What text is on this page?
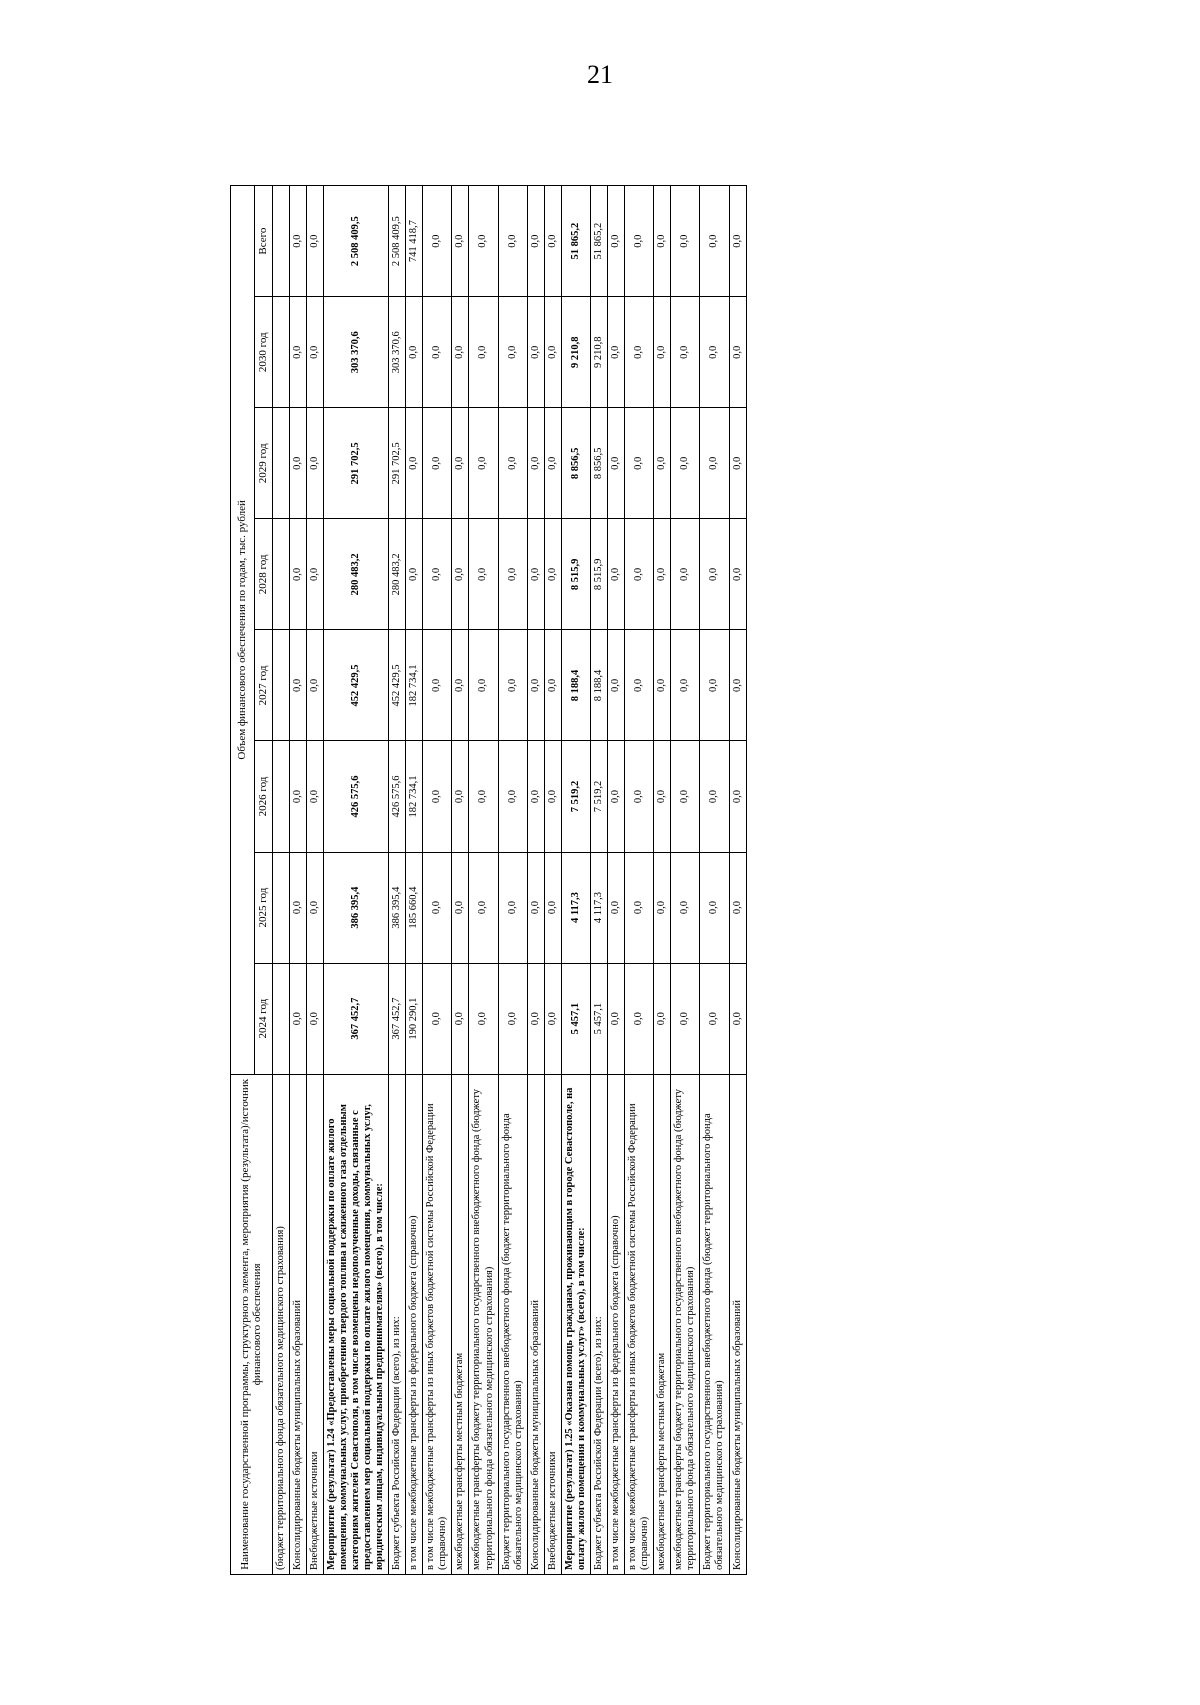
21
Наименование государственной программы, структурного элемента, мероприятия (результата)/источник финансового обеспечения	Объем финансового обеспечения по годам, тыс. рублей							
	2024 год	2025 год	2026 год	2027 год	2028 год	2029 год	2030 год	Всего
(бюджет территориального фонда обязательного медицинского страхования)								
Консолидированные бюджеты муниципальных образований	0,0	0,0	0,0	0,0	0,0	0,0	0,0	0,0
Внебюджетные источники	0,0	0,0	0,0	0,0	0,0	0,0	0,0	0,0
Мероприятие (результат) 1.24 «Предоставлены меры социальной поддержки по оплате жилого помещения, коммунальных услуг, приобретению твердого топлива и сжиженного газа отдельным категориям жителей Севастополя, в том числе возмещены недополученные доходы, связанные с предоставлением мер социальной поддержки по оплате жилого помещения, коммунальных услуг, юридическим лицам, индивидуальным предпринимателям» (всего), в том числе:	367 452,7	386 395,4	426 575,6	452 429,5	280 483,2	291 702,5	303 370,6	2 508 409,5
Бюджет субъекта Российской Федерации (всего), из них:	367 452,7	386 395,4	426 575,6	452 429,5	280 483,2	291 702,5	303 370,6	2 508 409,5
в том числе межбюджетные трансферты из федерального бюджета (справочно)	190 290,1	185 660,4	182 734,1	182 734,1	0,0	0,0	0,0	741 418,7
в том числе межбюджетные трансферты из иных бюджетов бюджетной системы Российской Федерации (справочно)	0,0	0,0	0,0	0,0	0,0	0,0	0,0	0,0
межбюджетные трансферты местным бюджетам	0,0	0,0	0,0	0,0	0,0	0,0	0,0	0,0
межбюджетные трансферты бюджету территориального государственного внебюджетного фонда (бюджету территориального фонда обязательного медицинского страхования)	0,0	0,0	0,0	0,0	0,0	0,0	0,0	0,0
Бюджет территориального государственного внебюджетного фонда (бюджет территориального фонда обязательного медицинского страхования)	0,0	0,0	0,0	0,0	0,0	0,0	0,0	0,0
Консолидированные бюджеты муниципальных образований	0,0	0,0	0,0	0,0	0,0	0,0	0,0	0,0
Внебюджетные источники	0,0	0,0	0,0	0,0	0,0	0,0	0,0	0,0
Мероприятие (результат) 1.25 «Оказана помощь гражданам, проживающим в городе Севастополе, на оплату жилого помещения и коммунальных услуг» (всего), в том числе:	5 457,1	4 117,3	7 519,2	8 188,4	8 515,9	8 856,5	9 210,8	51 865,2
Бюджет субъекта Российской Федерации (всего), из них:	5 457,1	4 117,3	7 519,2	8 188,4	8 515,9	8 856,5	9 210,8	51 865,2
в том числе межбюджетные трансферты из федерального бюджета (справочно)	0,0	0,0	0,0	0,0	0,0	0,0	0,0	0,0
в том числе межбюджетные трансферты из иных бюджетов бюджетной системы Российской Федерации (справочно)	0,0	0,0	0,0	0,0	0,0	0,0	0,0	0,0
межбюджетные трансферты местным бюджетам	0,0	0,0	0,0	0,0	0,0	0,0	0,0	0,0
межбюджетные трансферты бюджету территориального государственного внебюджетного фонда (бюджету территориального фонда обязательного медицинского страхования)	0,0	0,0	0,0	0,0	0,0	0,0	0,0	0,0
Бюджет территориального государственного внебюджетного фонда (бюджет территориального фонда обязательного медицинского страхования)	0,0	0,0	0,0	0,0	0,0	0,0	0,0	0,0
Консолидированные бюджеты муниципальных образований	0,0	0,0	0,0	0,0	0,0	0,0	0,0	0,0
